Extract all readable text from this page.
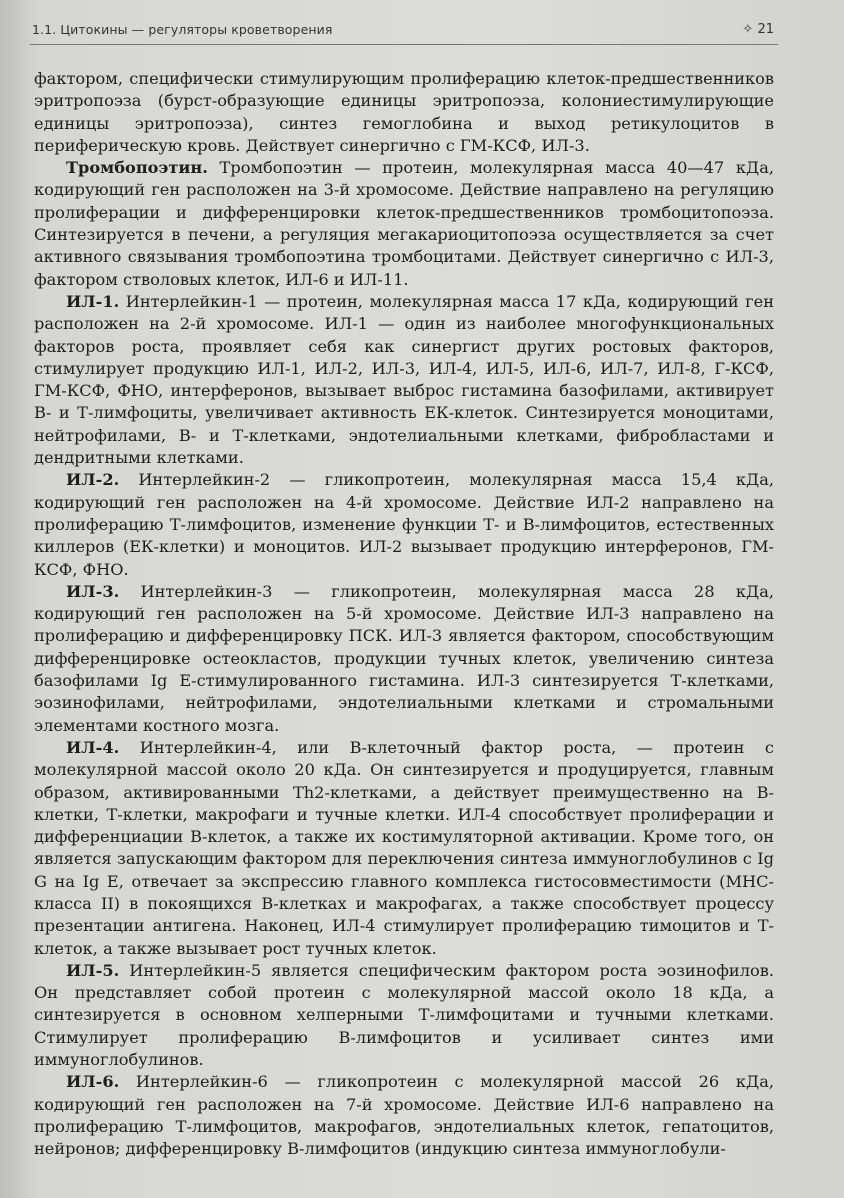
1.1. Цитокины — регуляторы кроветворения	✧ 21

фактором, специфически стимулирующим пролиферацию клеток-предшественников эритропоэза (бурст-образующие единицы эритропоэза, колониестимулирующие единицы эритропоэза), синтез гемоглобина и выход ретикулоцитов в периферическую кровь. Действует синергично с ГМ-КСФ, ИЛ-3.

Тромбопоэтин. Тромбопоэтин — протеин, молекулярная масса 40—47 кДа, кодирующий ген расположен на 3-й хромосоме. Действие направлено на регуляцию пролиферации и дифференцировки клеток-предшественников тромбоцитопоэза. Синтезируется в печени, а регуляция мегакариоцитопоэза осуществляется за счет активного связывания тромбопоэтина тромбоцитами. Действует синергично с ИЛ-3, фактором стволовых клеток, ИЛ-6 и ИЛ-11.

ИЛ-1. Интерлейкин-1 — протеин, молекулярная масса 17 кДа, кодирующий ген расположен на 2-й хромосоме. ИЛ-1 — один из наиболее многофункциональных факторов роста, проявляет себя как синергист других ростовых факторов, стимулирует продукцию ИЛ-1, ИЛ-2, ИЛ-3, ИЛ-4, ИЛ-5, ИЛ-6, ИЛ-7, ИЛ-8, Г-КСФ, ГМ-КСФ, ФНО, интерферонов, вызывает выброс гистамина базофилами, активирует В- и Т-лимфоциты, увеличивает активность ЕК-клеток. Синтезируется моноцитами, нейтрофилами, В- и Т-клетками, эндотелиальными клетками, фибробластами и дендритными клетками.

ИЛ-2. Интерлейкин-2 — гликопротеин, молекулярная масса 15,4 кДа, кодирующий ген расположен на 4-й хромосоме. Действие ИЛ-2 направлено на пролиферацию Т-лимфоцитов, изменение функции Т- и В-лимфоцитов, естественных киллеров (ЕК-клетки) и моноцитов. ИЛ-2 вызывает продукцию интерферонов, ГМ-КСФ, ФНО.

ИЛ-3. Интерлейкин-3 — гликопротеин, молекулярная масса 28 кДа, кодирующий ген расположен на 5-й хромосоме. Действие ИЛ-3 направлено на пролиферацию и дифференцировку ПСК. ИЛ-3 является фактором, способствующим дифференцировке остеокластов, продукции тучных клеток, увеличению синтеза базофилами Ig Е-стимулированного гистамина. ИЛ-3 синтезируется Т-клетками, эозинофилами, нейтрофилами, эндотелиальными клетками и стромальными элементами костного мозга.

ИЛ-4. Интерлейкин-4, или В-клеточный фактор роста, — протеин с молекулярной массой около 20 кДа. Он синтезируется и продуцируется, главным образом, активированными Th2-клетками, а действует преимущественно на В-клетки, Т-клетки, макрофаги и тучные клетки. ИЛ-4 способствует пролиферации и дифференциации В-клеток, а также их костимуляторной активации. Кроме того, он является запускающим фактором для переключения синтеза иммуноглобулинов с Ig G на Ig Е, отвечает за экспрессию главного комплекса гистосовместимости (МНС-класса II) в покоящихся В-клетках и макрофагах, а также способствует процессу презентации антигена. Наконец, ИЛ-4 стимулирует пролиферацию тимоцитов и Т-клеток, а также вызывает рост тучных клеток.

ИЛ-5. Интерлейкин-5 является специфическим фактором роста эозинофилов. Он представляет собой протеин с молекулярной массой около 18 кДа, а синтезируется в основном хелперными Т-лимфоцитами и тучными клетками. Стимулирует пролиферацию В-лимфоцитов и усиливает синтез ими иммуноглобулинов.

ИЛ-6. Интерлейкин-6 — гликопротеин с молекулярной массой 26 кДа, кодирующий ген расположен на 7-й хромосоме. Действие ИЛ-6 направлено на пролиферацию Т-лимфоцитов, макрофагов, эндотелиальных клеток, гепатоцитов, нейронов; дифференцировку В-лимфоцитов (индукцию синтеза иммуноглобули-
